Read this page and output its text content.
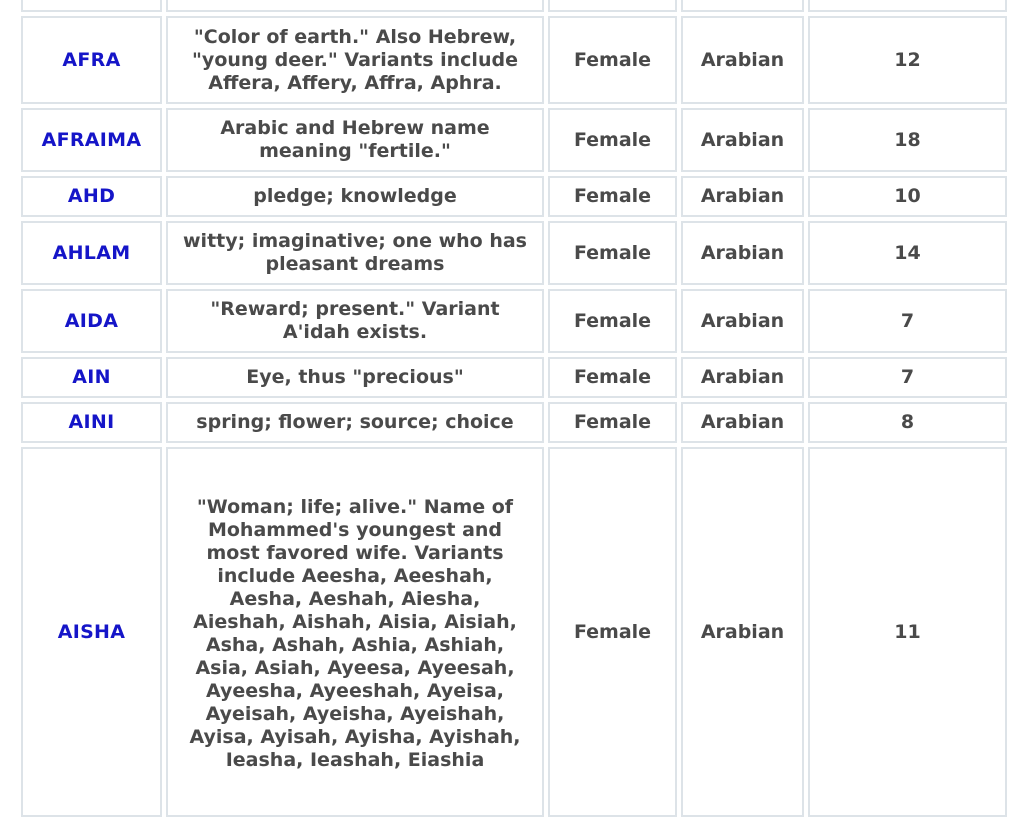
AFRA	"Color of earth." Also Hebrew, "young deer." Variants include Affera, Affery, Affra, Aphra.	Female	Arabian	12
AFRAIMA	Arabic and Hebrew name meaning "fertile."	Female	Arabian	18
AHD	pledge; knowledge	Female	Arabian	10
AHLAM	witty; imaginative; one who has pleasant dreams	Female	Arabian	14
AIDA	"Reward; present." Variant A'idah exists.	Female	Arabian	7
AIN	Eye, thus "precious"	Female	Arabian	7
AINI	spring; flower; source; choice	Female	Arabian	8
AISHA	"Woman; life; alive." Name of Mohammed's youngest and most favored wife. Variants include Aeesha, Aeeshah, Aesha, Aeshah, Aiesha, Aieshah, Aishah, Aisia, Aisiah, Asha, Ashah, Ashia, Ashiah, Asia, Asiah, Ayeesa, Ayeesah, Ayeesha, Ayeeshah, Ayeisa, Ayeisah, Ayeisha, Ayeishah, Ayisa, Ayisah, Ayisha, Ayishah, Ieasha, Ieashah, Eiashia	Female	Arabian	11
